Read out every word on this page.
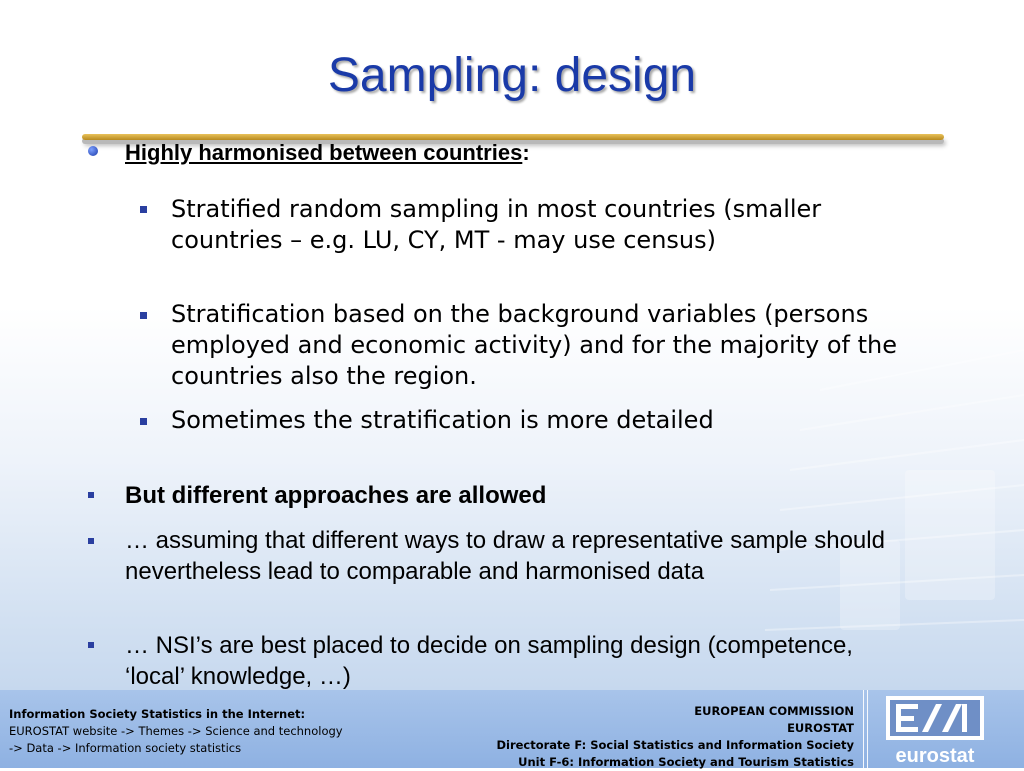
Sampling: design
Highly harmonised between countries:
Stratified random sampling in most countries (smaller countries – e.g. LU, CY, MT - may use census)
Stratification based on the background variables (persons employed and economic activity) and for the majority of the countries also the region.
Sometimes the stratification is more detailed
But different approaches are allowed
… assuming that different ways to draw a representative sample should nevertheless lead to comparable and harmonised data
… NSI’s are best placed to decide on sampling design (competence, ‘local’ knowledge, …)
Information Society Statistics in the Internet:
EUROSTAT website -> Themes -> Science and technology
-> Data -> Information society statistics
EUROPEAN COMMISSION
EUROSTAT
Directorate F: Social Statistics and Information Society
Unit F-6: Information Society and Tourism Statistics eurostat
